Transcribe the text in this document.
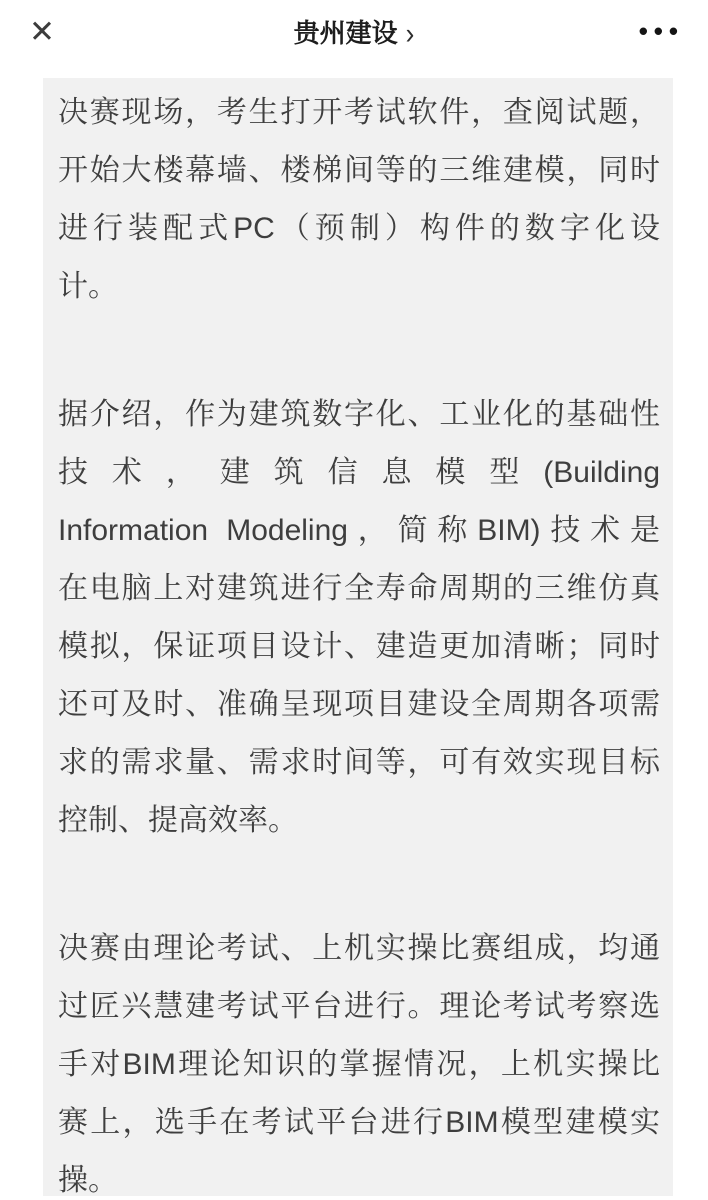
✕	贵州建设 ›	•••
决赛现场，考生打开考试软件，查阅试题，
开始大楼幕墙、楼梯间等的三维建模，同时
进行装配式PC（预制）构件的数字化设
计。
据介绍，作为建筑数字化、工业化的基础性
技术，建筑信息模型(Building
Information Modeling，简称BIM)技术是
在电脑上对建筑进行全寿命周期的三维仿真
模拟，保证项目设计、建造更加清晰；同时
还可及时、准确呈现项目建设全周期各项需
求的需求量、需求时间等，可有效实现目标
控制、提高效率。
决赛由理论考试、上机实操比赛组成，均通
过匠兴慧建考试平台进行。理论考试考察选
手对BIM理论知识的掌握情况，上机实操比
赛上，选手在考试平台进行BIM模型建模实
操。
